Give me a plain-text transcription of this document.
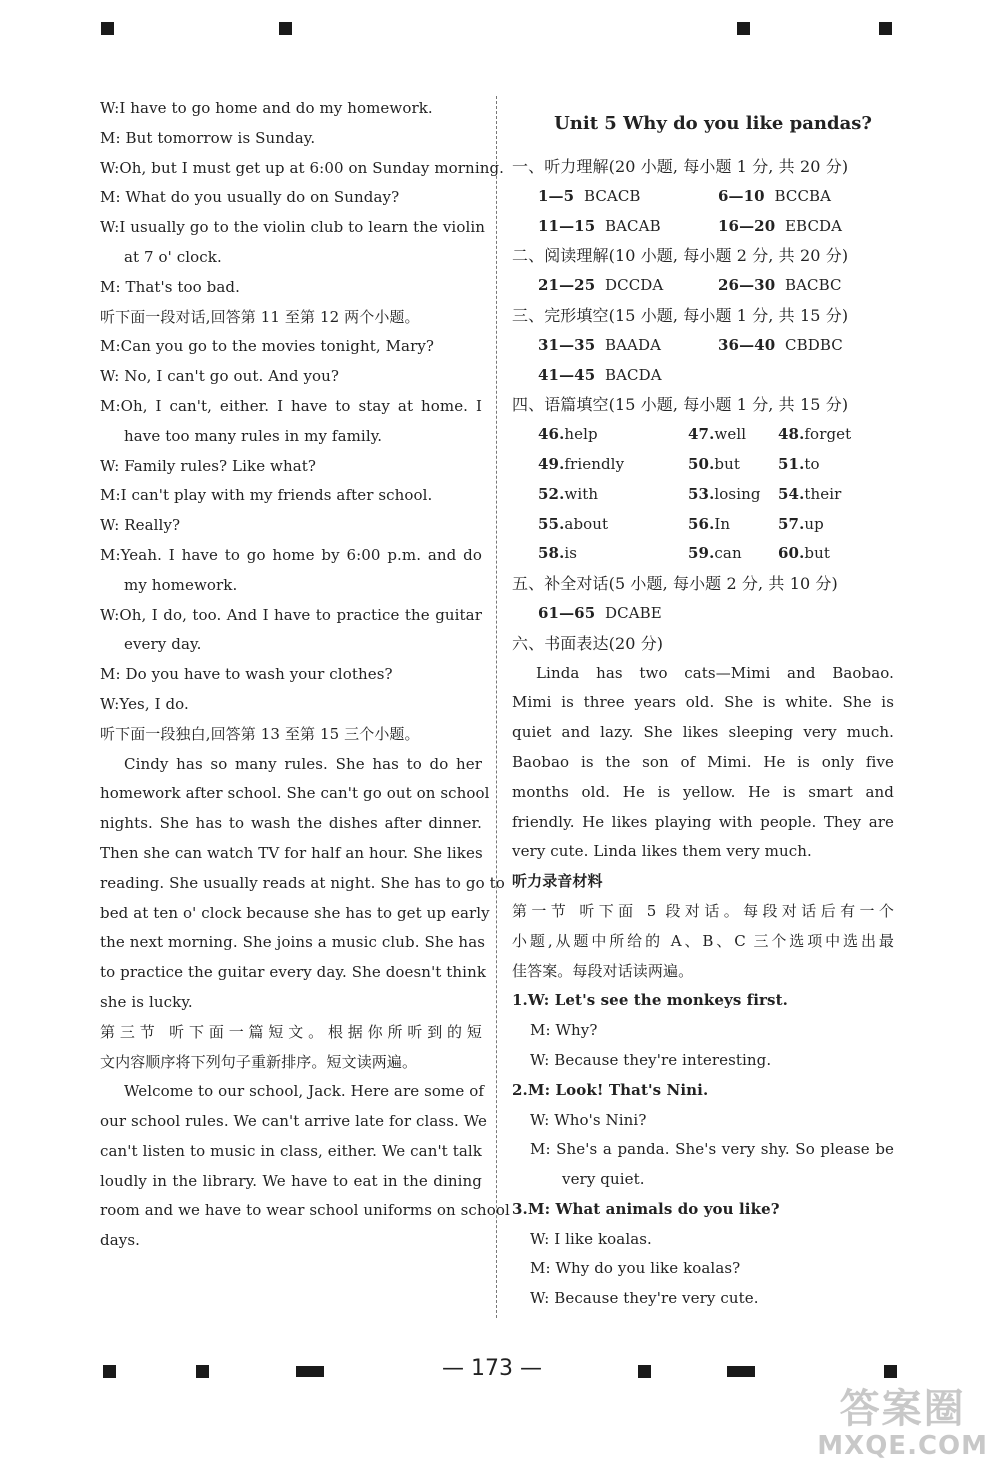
W:I have to go home and do my homework.
M: But tomorrow is Sunday.
W:Oh, but I must get up at 6:00 on Sunday morning.
M: What do you usually do on Sunday?
W:I usually go to the violin club to learn the violin
at 7 o' clock.
M: That's too bad.
听下面一段对话,回答第 11 至第 12 两个小题。
M:Can you go to the movies tonight, Mary?
W: No, I can't go out. And you?
M:Oh, I can't, either. I have to stay at home. I
have too many rules in my family.
W: Family rules? Like what?
M:I can't play with my friends after school.
W: Really?
M:Yeah. I have to go home by 6:00 p.m. and do
my homework.
W:Oh, I do, too. And I have to practice the guitar
every day.
M: Do you have to wash your clothes?
W:Yes, I do.
听下面一段独白,回答第 13 至第 15 三个小题。
Cindy has so many rules. She has to do her
homework after school. She can't go out on school
nights. She has to wash the dishes after dinner.
Then she can watch TV for half an hour. She likes
reading. She usually reads at night. She has to go to
bed at ten o' clock because she has to get up early
the next morning. She joins a music club. She has
to practice the guitar every day. She doesn't think
she is lucky.
第三节 听下面一篇短文。根据你所听到的短
文内容顺序将下列句子重新排序。短文读两遍。
Welcome to our school, Jack. Here are some of
our school rules. We can't arrive late for class. We
can't listen to music in class, either. We can't talk
loudly in the library. We have to eat in the dining
room and we have to wear school uniforms on school
days.
Unit 5 Why do you like pandas?
一、听力理解(20 小题, 每小题 1 分, 共 20 分)
1—5 BCACB	6—10 BCCBA
11—15 BACAB	16—20 EBCDA
二、阅读理解(10 小题, 每小题 2 分, 共 20 分)
21—25 DCCDA	26—30 BACBC
三、完形填空(15 小题, 每小题 1 分, 共 15 分)
31—35 BAADA	36—40 CBDBC
41—45 BACDA
四、语篇填空(15 小题, 每小题 1 分, 共 15 分)
46.help	47.well	48.forget
49.friendly	50.but	51.to
52.with	53.losing	54.their
55.about	56.In	57.up
58.is	59.can	60.but
五、补全对话(5 小题, 每小题 2 分, 共 10 分)
61—65 DCABE
六、书面表达(20 分)
Linda has two cats—Mimi and Baobao.
Mimi is three years old. She is white. She is
quiet and lazy. She likes sleeping very much.
Baobao is the son of Mimi. He is only five
months old. He is yellow. He is smart and
friendly. He likes playing with people. They are
very cute. Linda likes them very much.
听力录音材料
第一节 听下面 5 段对话。每段对话后有一个
小题,从题中所给的 A、B、C 三个选项中选出最
佳答案。每段对话读两遍。
1.W: Let's see the monkeys first.
M: Why?
W: Because they're interesting.
2.M: Look! That's Nini.
W: Who's Nini?
M: She's a panda. She's very shy. So please be
very quiet.
3.M: What animals do you like?
W: I like koalas.
M: Why do you like koalas?
W: Because they're very cute.
— 173 —
答案圈
MXQE.COM
